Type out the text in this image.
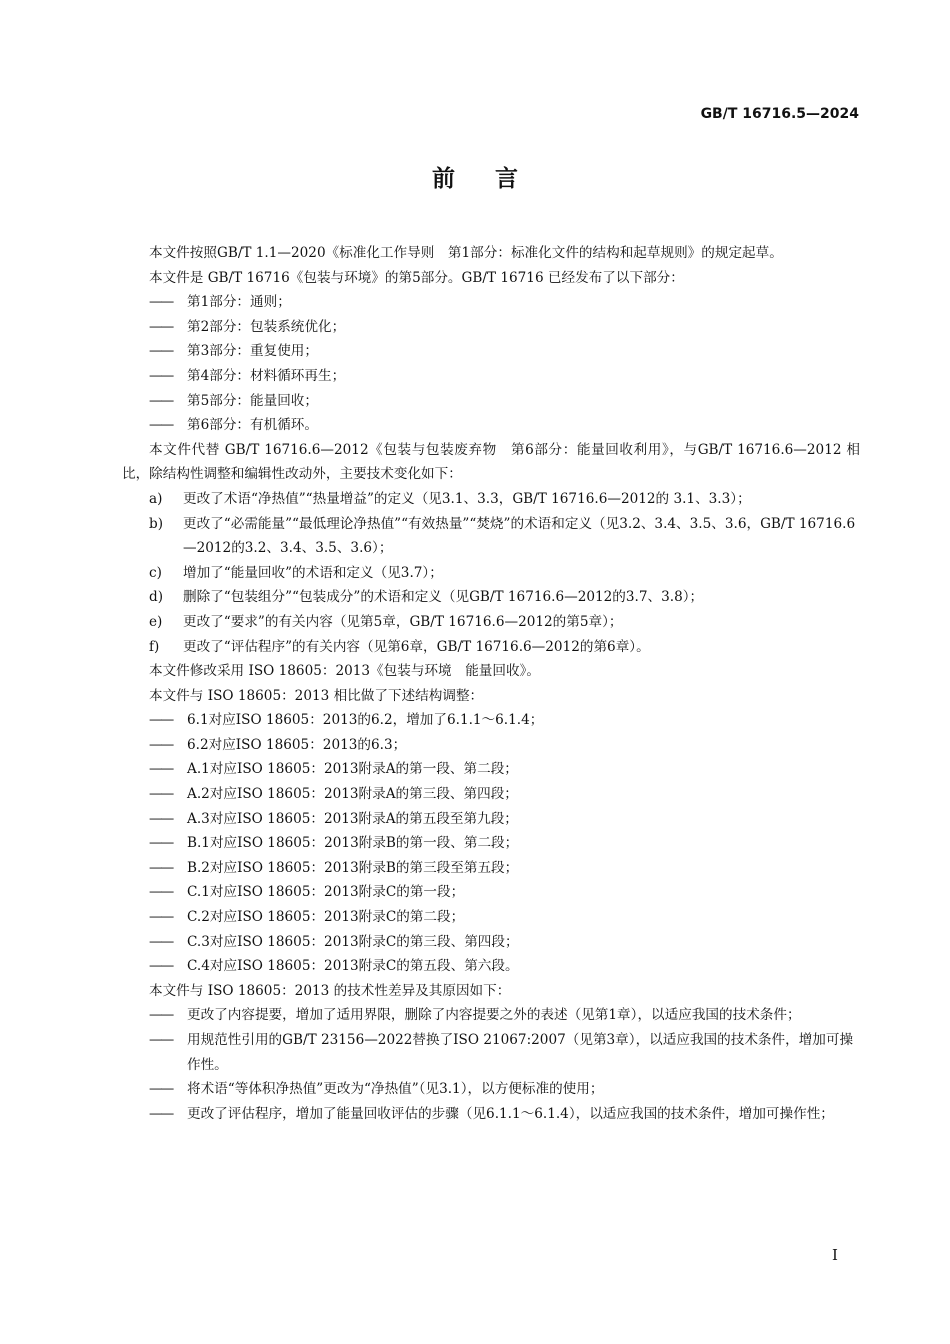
GB/T 16716.5—2024
前言

本文件按照GB/T 1.1—2020《标准化工作导则　第1部分：标准化文件的结构和起草规则》的规定起草。

本文件是 GB/T 16716《包装与环境》的第5部分。GB/T 16716 已经发布了以下部分：

—— 第1部分：通则；

—— 第2部分：包装系统优化；

—— 第3部分：重复使用；

—— 第4部分：材料循环再生；

—— 第5部分：能量回收；

—— 第6部分：有机循环。

本文件代替 GB/T 16716.6—2012《包装与包装废弃物　第6部分：能量回收利用》，与GB/T 16716.6—2012 相比，除结构性调整和编辑性改动外，主要技术变化如下：

a) 更改了术语“净热值”“热量增益”的定义（见3.1、3.3，GB/T 16716.6—2012的 3.1、3.3）；

b) 更改了“必需能量”“最低理论净热值”“有效热量”“焚烧”的术语和定义（见3.2、3.4、3.5、3.6，GB/T 16716.6—2012的3.2、3.4、3.5、3.6）；

c) 增加了“能量回收”的术语和定义（见3.7）；

d) 删除了“包装组分”“包装成分”的术语和定义（见GB/T 16716.6—2012的3.7、3.8）；

e) 更改了“要求”的有关内容（见第5章，GB/T 16716.6—2012的第5章）；

f) 更改了“评估程序”的有关内容（见第6章，GB/T 16716.6—2012的第6章）。

本文件修改采用 ISO 18605：2013《包装与环境　能量回收》。

本文件与 ISO 18605：2013 相比做了下述结构调整：

—— 6.1对应ISO 18605：2013的6.2，增加了6.1.1～6.1.4；

—— 6.2对应ISO 18605：2013的6.3；

—— A.1对应ISO 18605：2013附录A的第一段、第二段；

—— A.2对应ISO 18605：2013附录A的第三段、第四段；

—— A.3对应ISO 18605：2013附录A的第五段至第九段；

—— B.1对应ISO 18605：2013附录B的第一段、第二段；

—— B.2对应ISO 18605：2013附录B的第三段至第五段；

—— C.1对应ISO 18605：2013附录C的第一段；

—— C.2对应ISO 18605：2013附录C的第二段；

—— C.3对应ISO 18605：2013附录C的第三段、第四段；

—— C.4对应ISO 18605：2013附录C的第五段、第六段。

本文件与 ISO 18605：2013 的技术性差异及其原因如下：

—— 更改了内容提要，增加了适用界限，删除了内容提要之外的表述（见第1章），以适应我国的技术条件；

—— 用规范性引用的GB/T 23156—2022替换了ISO 21067:2007（见第3章），以适应我国的技术条件，增加可操作性。

—— 将术语“等体积净热值”更改为“净热值”（见3.1），以方便标准的使用；

—— 更改了评估程序，增加了能量回收评估的步骤（见6.1.1～6.1.4），以适应我国的技术条件，增加可操作性；

I
